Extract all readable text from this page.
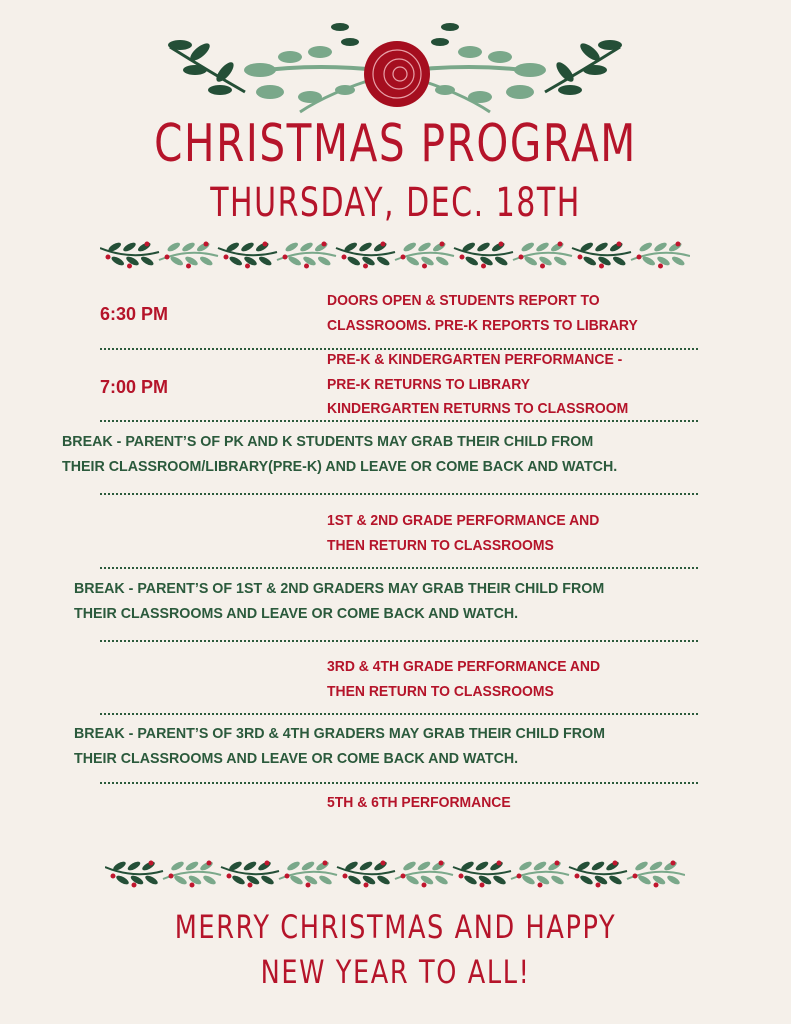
CHRISTMAS PROGRAM
THURSDAY, DEC. 18TH
6:30 PM
DOORS OPEN & STUDENTS REPORT TO
CLASSROOMS. PRE-K REPORTS TO LIBRARY
7:00 PM
PRE-K & KINDERGARTEN PERFORMANCE -
PRE-K RETURNS TO LIBRARY
KINDERGARTEN RETURNS TO CLASSROOM
BREAK - PARENT’S OF PK AND K STUDENTS MAY GRAB THEIR CHILD FROM
THEIR CLASSROOM/LIBRARY(PRE-K) AND LEAVE OR COME BACK AND WATCH.
1ST & 2ND GRADE PERFORMANCE AND
THEN RETURN TO CLASSROOMS
BREAK - PARENT’S OF 1ST & 2ND GRADERS MAY GRAB THEIR CHILD FROM
THEIR CLASSROOMS AND LEAVE OR COME BACK AND WATCH.
3RD & 4TH GRADE PERFORMANCE AND
THEN RETURN TO CLASSROOMS
BREAK - PARENT’S OF 3RD & 4TH GRADERS MAY GRAB THEIR CHILD FROM
THEIR CLASSROOMS AND LEAVE OR COME BACK AND WATCH.
5TH & 6TH PERFORMANCE
MERRY CHRISTMAS AND HAPPY
NEW YEAR TO ALL!
